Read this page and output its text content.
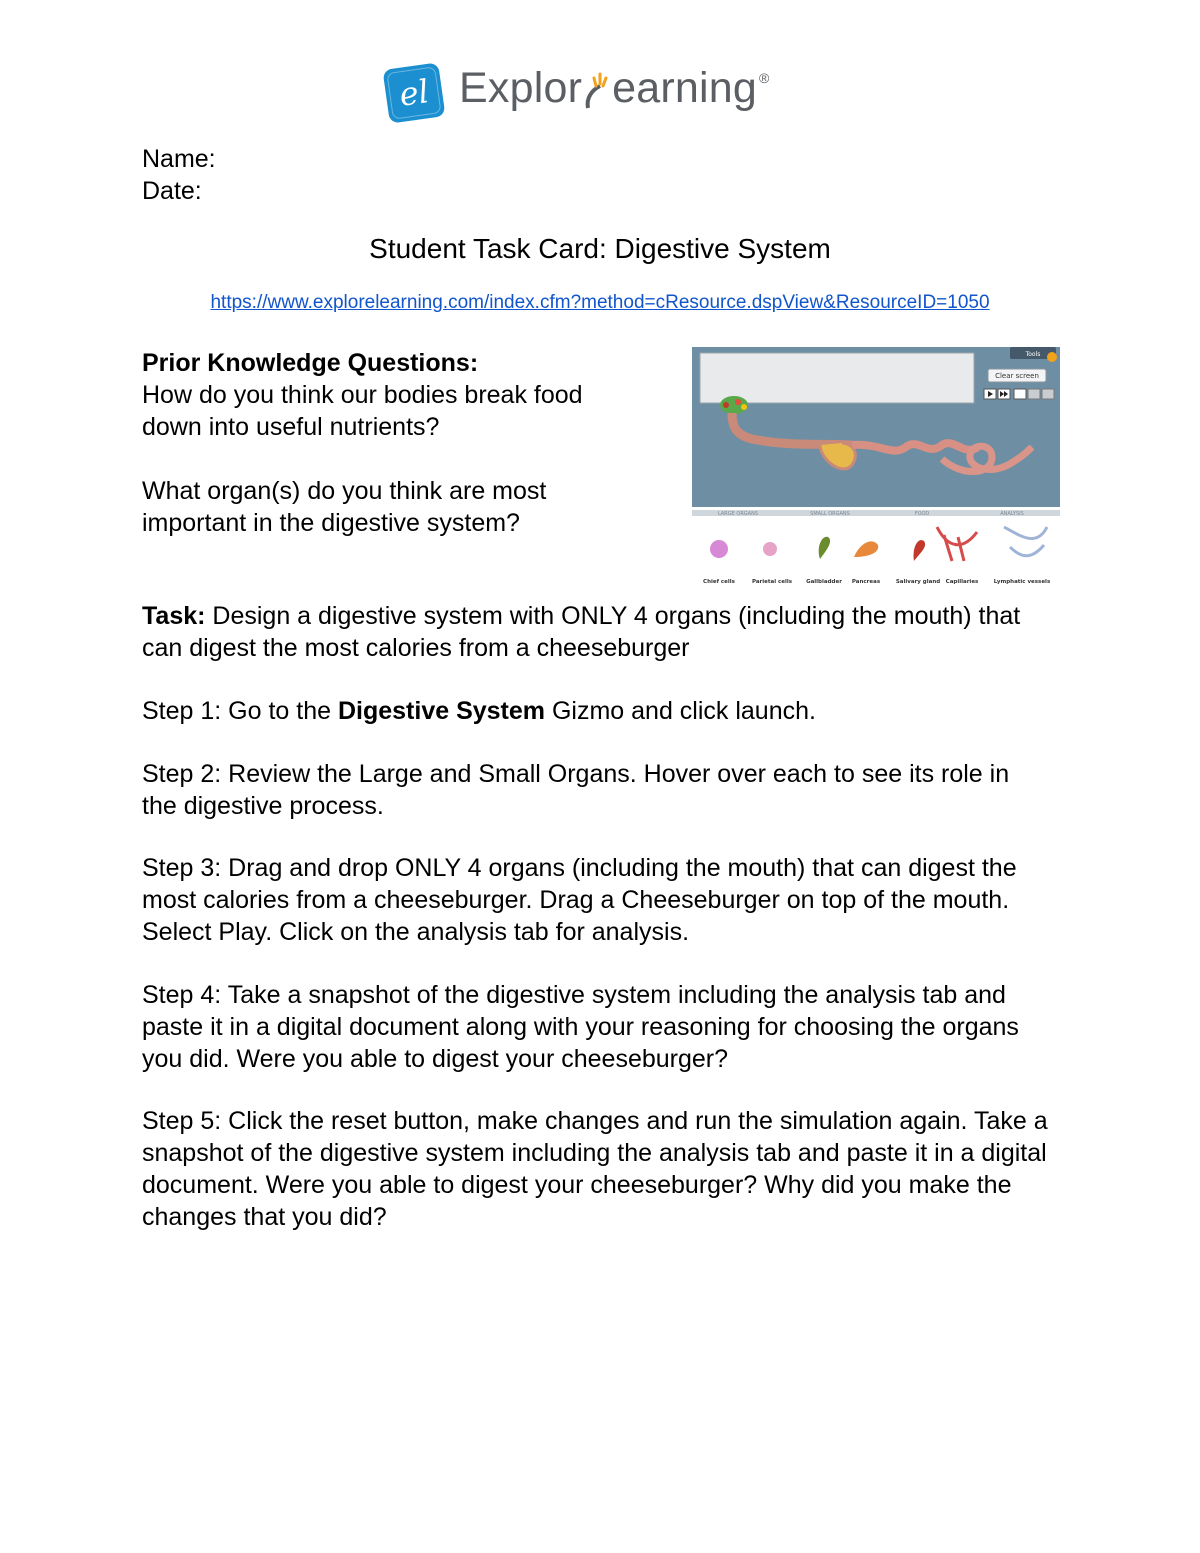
el Explor earning ®
Name:
Date:
Student Task Card: Digestive System
https://www.explorelearning.com/index.cfm?method=cResource.dspView&ResourceID=1050
Prior Knowledge Questions:
How do you think our bodies break food down into useful nutrients?
What organ(s) do you think are most important in the digestive system?
Tools
Clear screen
LARGE ORGANS	SMALL ORGANS	FOOD	ANALYSIS
Chief cells	Parietal cells	Gallbladder Pancreas	Salivary gland Capillaries	Lymphatic vessels
Task: Design a digestive system with ONLY 4 organs (including the mouth) that can digest the most calories from a cheeseburger
Step 1: Go to the Digestive System Gizmo and click launch.
Step 2: Review the Large and Small Organs. Hover over each to see its role in the digestive process.
Step 3: Drag and drop ONLY 4 organs (including the mouth) that can digest the most calories from a cheeseburger. Drag a Cheeseburger on top of the mouth. Select Play. Click on the analysis tab for analysis.
Step 4: Take a snapshot of the digestive system including the analysis tab and paste it in a digital document along with your reasoning for choosing the organs you did. Were you able to digest your cheeseburger?
Step 5: Click the reset button, make changes and run the simulation again. Take a snapshot of the digestive system including the analysis tab and paste it in a digital document. Were you able to digest your cheeseburger? Why did you make the changes that you did?
